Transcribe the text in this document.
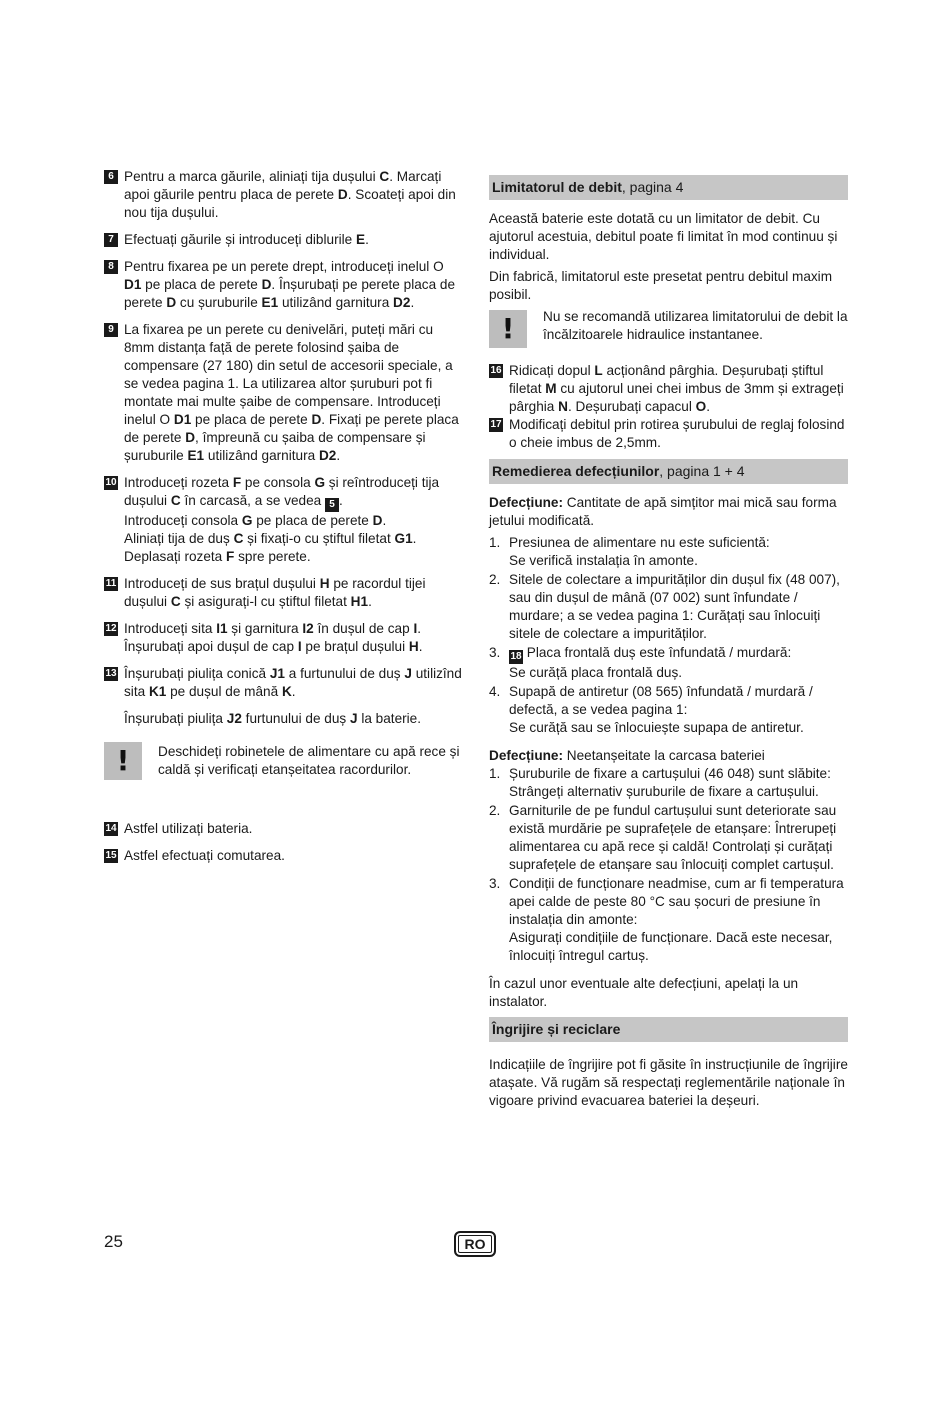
6 Pentru a marca găurile, aliniați tija dușului C. Marcați apoi găurile pentru placa de perete D. Scoateți apoi din nou tija dușului.

7 Efectuați găurile și introduceți diblurile E.

8 Pentru fixarea pe un perete drept, introduceți inelul O D1 pe placa de perete D. Înșurubați pe perete placa de perete D cu șuruburile E1 utilizând garnitura D2.

9 La fixarea pe un perete cu denivelări, puteți mări cu 8mm distanța față de perete folosind șaiba de compensare (27 180) din setul de accesorii speciale, a se vedea pagina 1. La utilizarea altor șuruburi pot fi montate mai multe șaibe de compensare. Introduceți inelul O D1 pe placa de perete D. Fixați pe perete placa de perete D, împreună cu șaiba de compensare și șuruburile E1 utilizând garnitura D2.

10 Introduceți rozeta F pe consola G și reîntroduceți tija dușului C în carcasă, a se vedea 5 .
Introduceți consola G pe placa de perete D.
Aliniați tija de duș C și fixați-o cu știftul filetat G1.
Deplasați rozeta F spre perete.

11 Introduceți de sus brațul dușului H pe racordul tijei dușului C și asigurați-l cu știftul filetat H1.

12 Introduceți sita I1 și garnitura I2 în dușul de cap I.
Înșurubați apoi dușul de cap I pe brațul dușului H.

13 Înșurubați piulița conică J1 a furtunului de duș J utilizînd sita K1 pe dușul de mână K.

Înșurubați piulița J2 furtunului de duș J la baterie.

!	Deschideți robinetele de alimentare cu apă rece și caldă și verificați etanșeitatea racordurilor.
14 Astfel utilizați bateria.

15 Astfel efectuați comutarea.

Limitatorul de debit, pagina 4

Această baterie este dotată cu un limitator de debit. Cu ajutorul acestuia, debitul poate fi limitat în mod continuu și individual.

Din fabrică, limitatorul este presetat pentru debitul maxim posibil.

!	Nu se recomandă utilizarea limitatorului de debit la încălzitoarele hidraulice instantanee.
16 Ridicați dopul L acționând pârghia. Deșurubați știftul filetat M cu ajutorul unei chei imbus de 3mm și extrageți pârghia N. Deșurubați capacul O.

17 Modificați debitul prin rotirea șurubului de reglaj folosind o cheie imbus de 2,5mm.

Remedierea defecțiunilor, pagina 1 + 4

Defecțiune: Cantitate de apă simțitor mai mică sau forma jetului modificată.

1. Presiunea de alimentare nu este suficientă:
Se verifică instalația în amonte.
2. Sitele de colectare a impurităților din dușul fix (48 007), sau din dușul de mână (07 002) sunt înfundate / murdare; a se vedea pagina 1: Curățați sau înlocuiți sitele de colectare a impurităților.
3. 18 Placa frontală duș este înfundată / murdară:
Se curăță placa frontală duș.
4. Supapă de antiretur (08 565) înfundată / murdară / defectă, a se vedea pagina 1:
Se curăță sau se înlocuiește supapa de antiretur.

Defecțiune: Neetanșeitate la carcasa bateriei

1. Șuruburile de fixare a cartușului (46 048) sunt slăbite: Strângeți alternativ șuruburile de fixare a cartușului.
2. Garniturile de pe fundul cartușului sunt deteriorate sau există murdărie pe suprafețele de etanșare: Întrerupeți alimentarea cu apă rece și caldă! Controlați și curățați suprafețele de etanșare sau înlocuiți complet cartușul.
3. Condiții de funcționare neadmise, cum ar fi temperatura apei calde de peste 80 °C sau șocuri de presiune în instalația din amonte:
Asigurați condițiile de funcționare. Dacă este necesar, înlocuiți întregul cartuș.

În cazul unor eventuale alte defecțiuni, apelați la un instalator.

Îngrijire și reciclare

Indicațiile de îngrijire pot fi găsite în instrucțiunile de îngrijire atașate. Vă rugăm să respectați reglementările naționale în vigoare privind evacuarea bateriei la deșeuri.

25	RO
